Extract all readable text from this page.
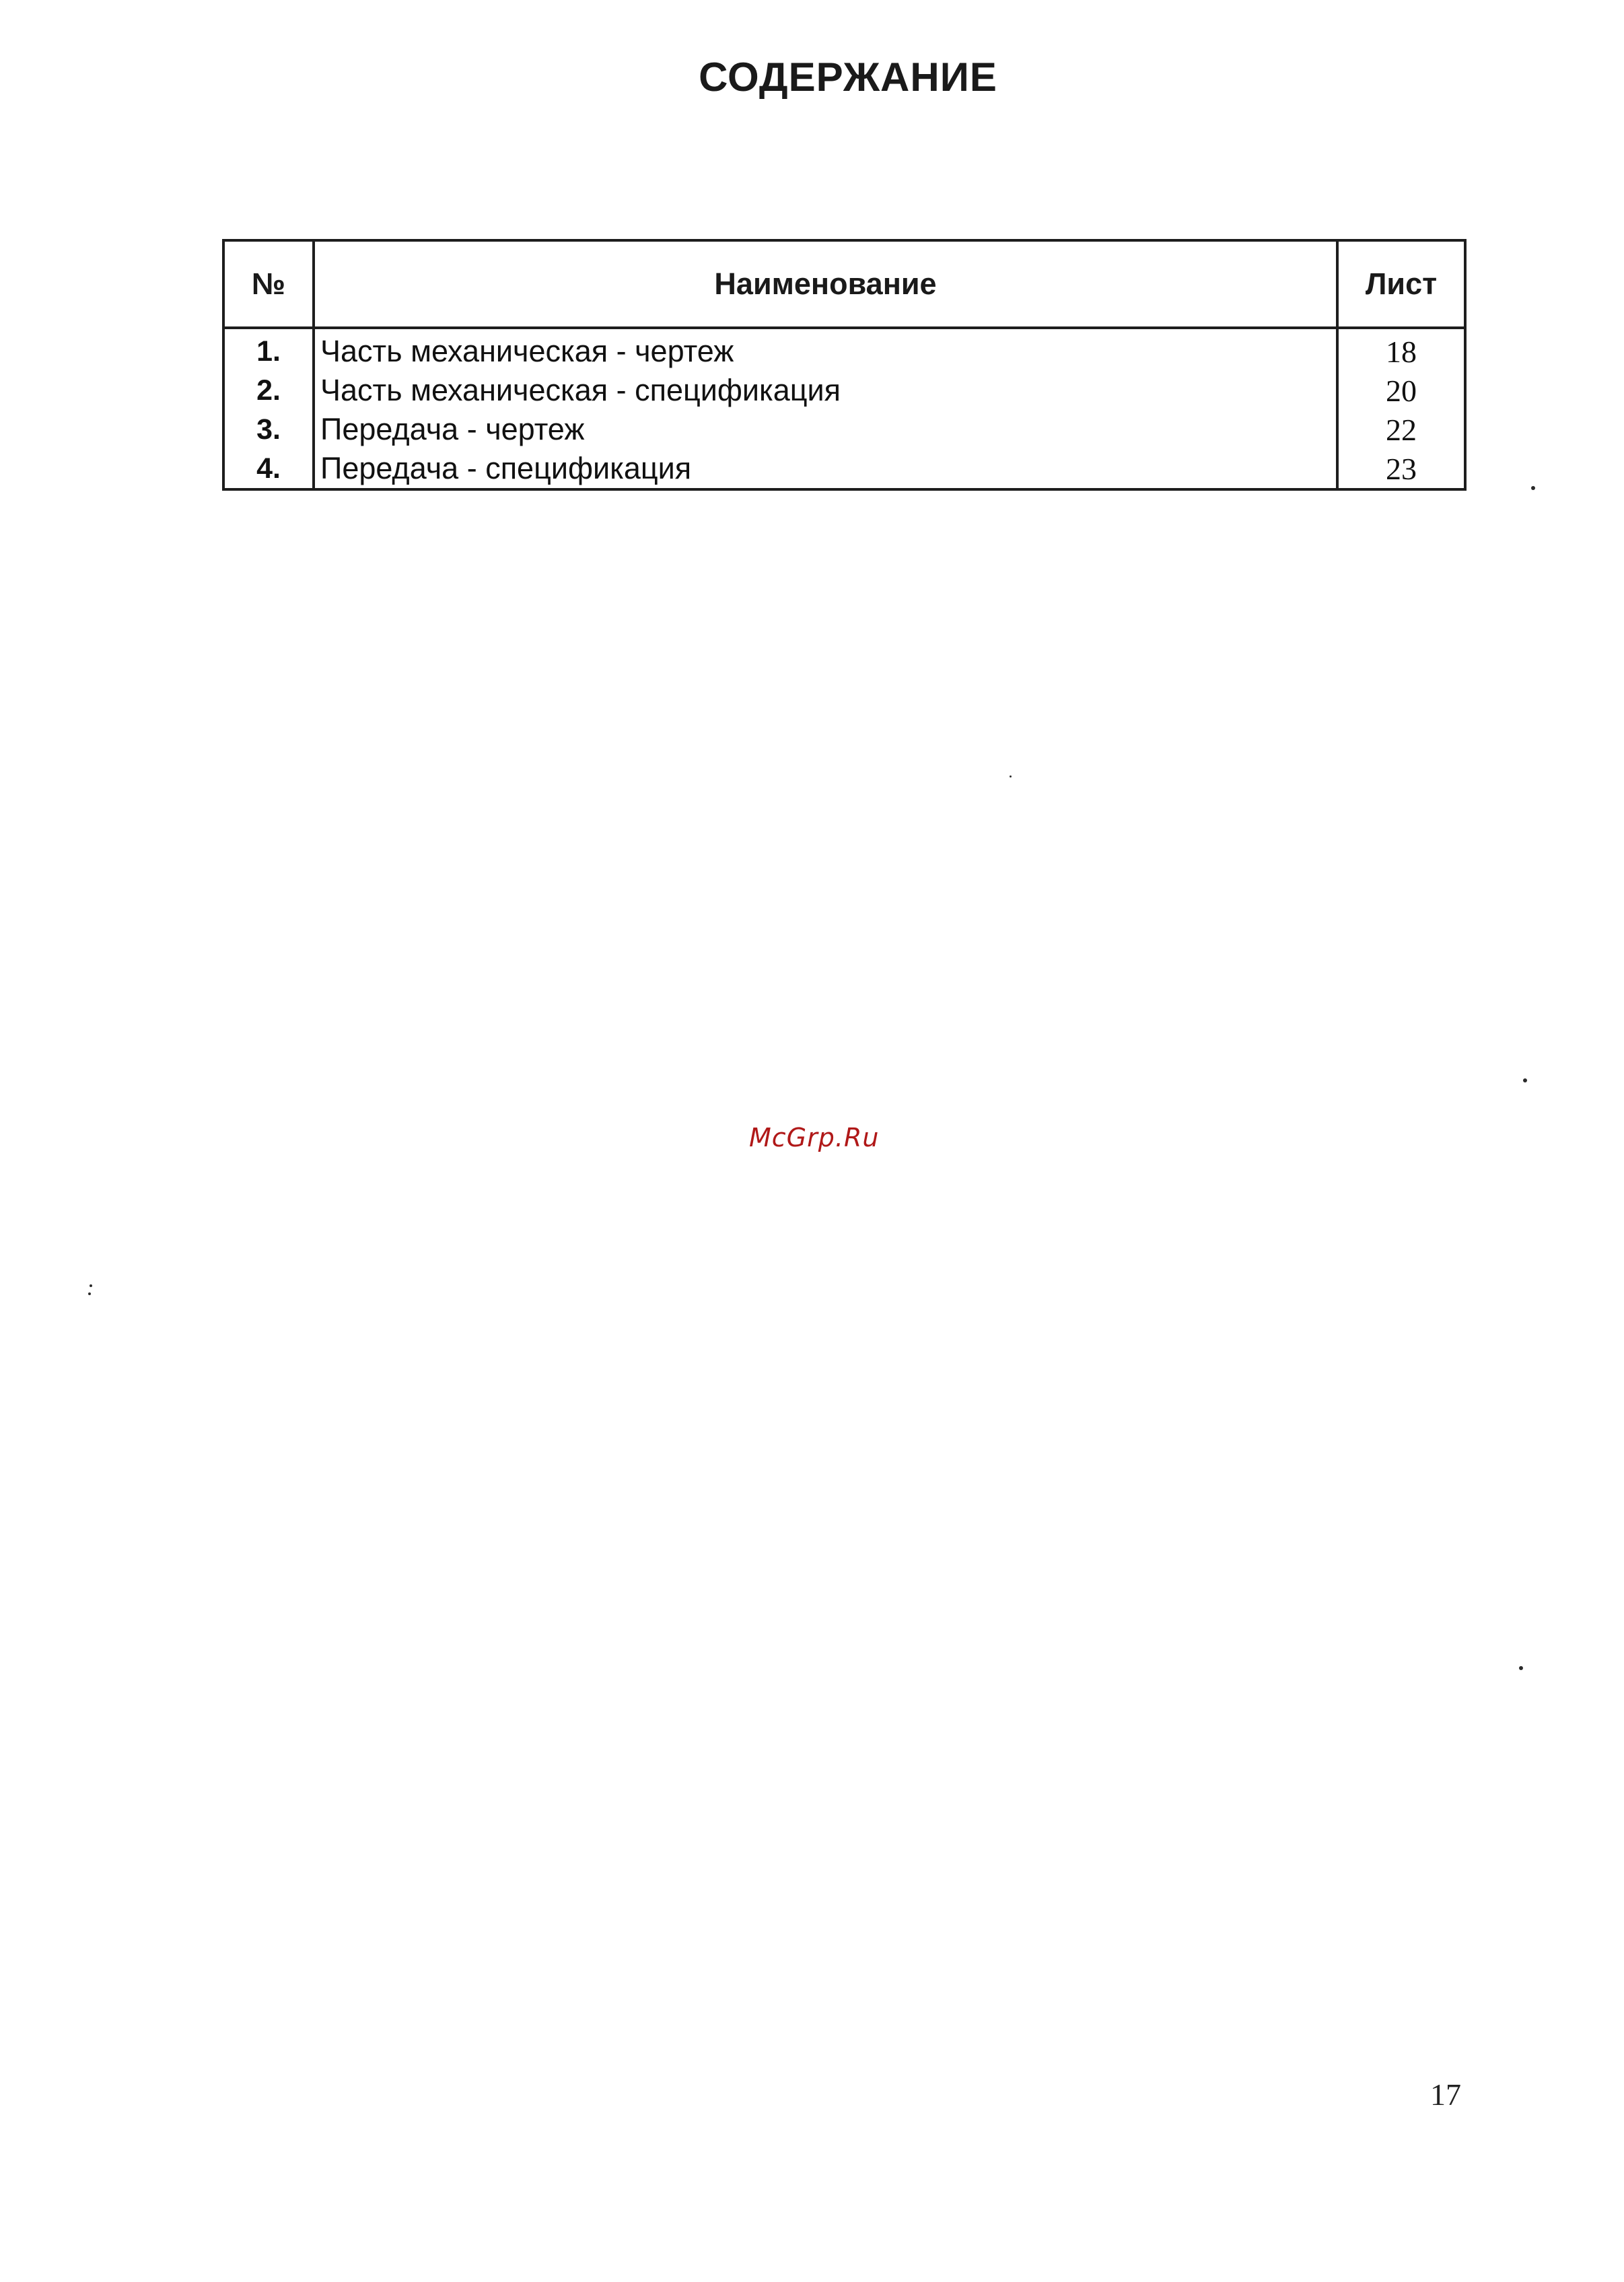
СОДЕРЖАНИЕ
№	Наименование	Лист
1.	Часть механическая - чертеж	18
2.	Часть механическая - спецификация	20
3.	Передача - чертеж	22
4.	Передача - спецификация	23
McGrp.Ru
17
